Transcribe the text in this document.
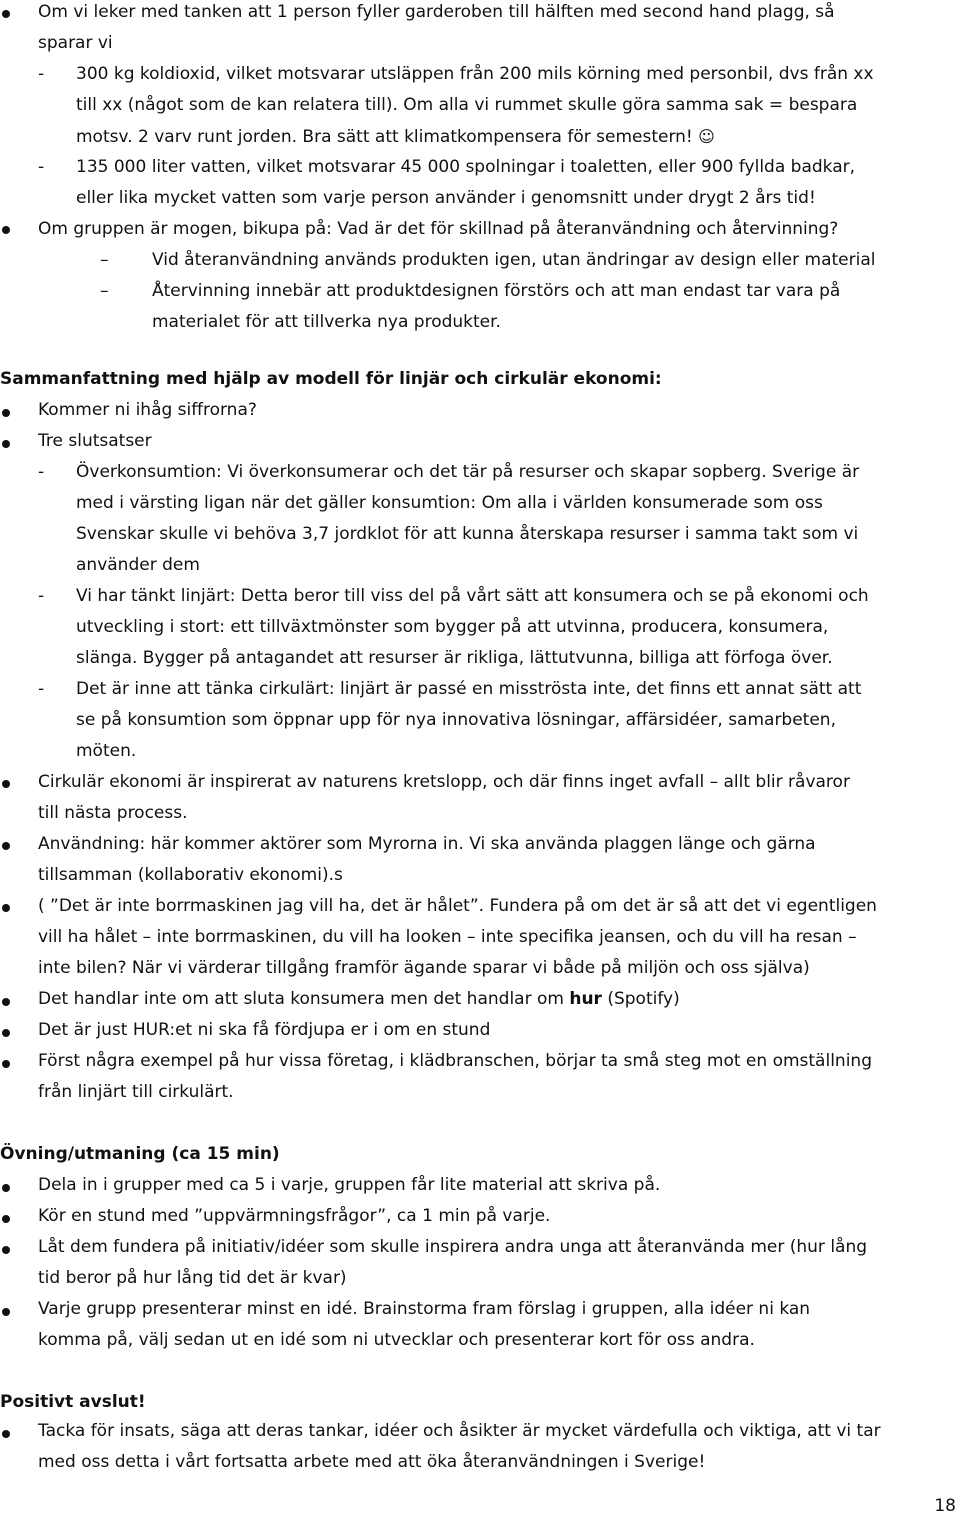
Om vi leker med tanken att 1 person fyller garderoben till hälften med second hand plagg, så
sparar vi
- 300 kg koldioxid, vilket motsvarar utsläppen från 200 mils körning med personbil, dvs från xx
till xx (något som de kan relatera till). Om alla vi rummet skulle göra samma sak = bespara
motsv. 2 varv runt jorden. Bra sätt att klimatkompensera för semestern! ☺
- 135 000 liter vatten, vilket motsvarar 45 000 spolningar i toaletten, eller 900 fyllda badkar,
eller lika mycket vatten som varje person använder i genomsnitt under drygt 2 års tid!
Om gruppen är mogen, bikupa på: Vad är det för skillnad på återanvändning och återvinning?
–	Vid återanvändning används produkten igen, utan ändringar av design eller material
–	Återvinning innebär att produktdesignen förstörs och att man endast tar vara på
materialet för att tillverka nya produkter.
Sammanfattning med hjälp av modell för linjär och cirkulär ekonomi:
Kommer ni ihåg siffrorna?
Tre slutsatser
- Överkonsumtion: Vi överkonsumerar och det tär på resurser och skapar sopberg. Sverige är
med i värsting ligan när det gäller konsumtion: Om alla i världen konsumerade som oss
Svenskar skulle vi behöva 3,7 jordklot för att kunna återskapa resurser i samma takt som vi
använder dem
- Vi har tänkt linjärt: Detta beror till viss del på vårt sätt att konsumera och se på ekonomi och
utveckling i stort: ett tillväxtmönster som bygger på att utvinna, producera, konsumera,
slänga. Bygger på antagandet att resurser är rikliga, lättutvunna, billiga att förfoga över.
- Det är inne att tänka cirkulärt: linjärt är passé en misströsta inte, det finns ett annat sätt att
se på konsumtion som öppnar upp för nya innovativa lösningar, affärsidéer, samarbeten,
möten.
Cirkulär ekonomi är inspirerat av naturens kretslopp, och där finns inget avfall – allt blir råvaror
till nästa process.
Användning: här kommer aktörer som Myrorna in. Vi ska använda plaggen länge och gärna
tillsamman (kollaborativ ekonomi).s
( ”Det är inte borrmaskinen jag vill ha, det är hålet”. Fundera på om det är så att det vi egentligen
vill ha hålet – inte borrmaskinen, du vill ha looken – inte specifika jeansen, och du vill ha resan –
inte bilen? När vi värderar tillgång framför ägande sparar vi både på miljön och oss själva)
Det handlar inte om att sluta konsumera men det handlar om hur (Spotify)
Det är just HUR:et ni ska få fördjupa er i om en stund
Först några exempel på hur vissa företag, i klädbranschen, börjar ta små steg mot en omställning
från linjärt till cirkulärt.
Övning/utmaning (ca 15 min)
Dela in i grupper med ca 5 i varje, gruppen får lite material att skriva på.
Kör en stund med ”uppvärmningsfrågor”, ca 1 min på varje.
Låt dem fundera på initiativ/idéer som skulle inspirera andra unga att återanvända mer (hur lång
tid beror på hur lång tid det är kvar)
Varje grupp presenterar minst en idé. Brainstorma fram förslag i gruppen, alla idéer ni kan
komma på, välj sedan ut en idé som ni utvecklar och presenterar kort för oss andra.
Positivt avslut!
Tacka för insats, säga att deras tankar, idéer och åsikter är mycket värdefulla och viktiga, att vi tar
med oss detta i vårt fortsatta arbete med att öka återanvändningen i Sverige!
18
